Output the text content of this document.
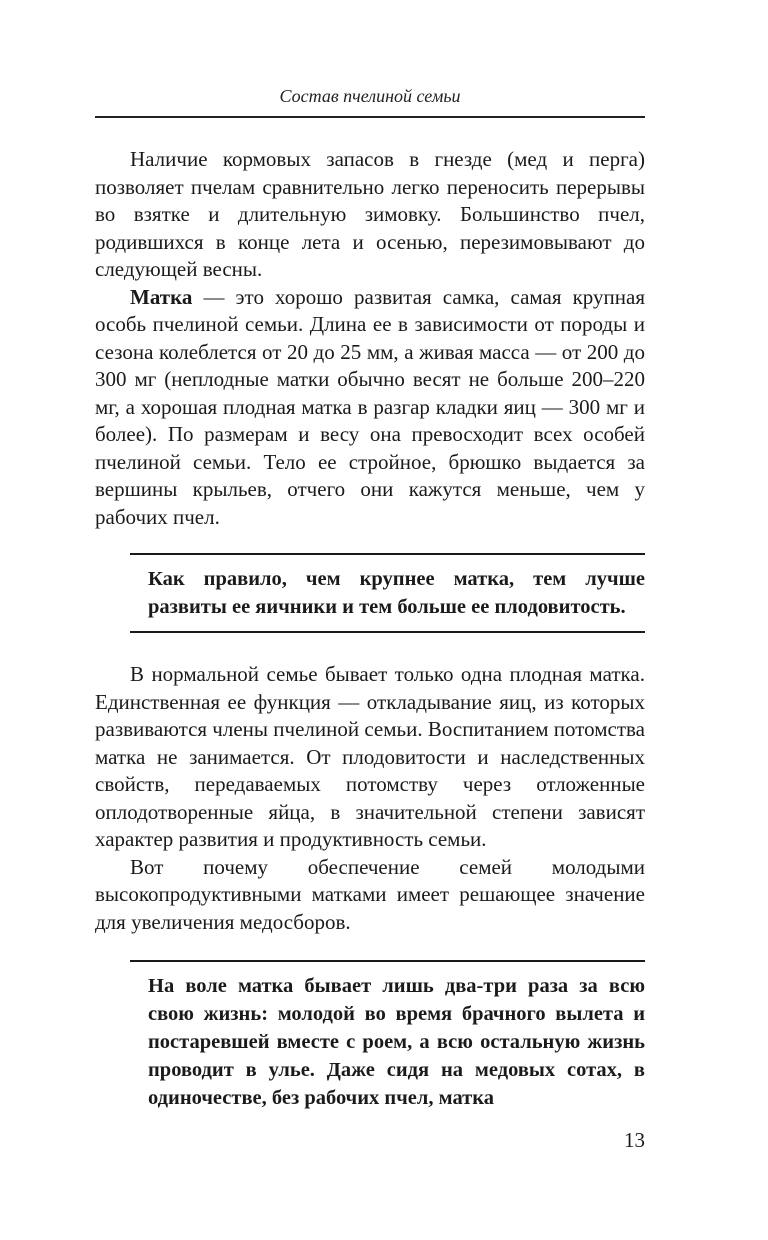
Состав пчелиной семьи

Наличие кормовых запасов в гнезде (мед и перга) позволяет пчелам сравнительно легко переносить перерывы во взятке и длительную зимовку. Большинство пчел, родившихся в конце лета и осенью, перезимовывают до следующей весны.

Матка — это хорошо развитая самка, самая крупная особь пчелиной семьи. Длина ее в зависимости от породы и сезона колеблется от 20 до 25 мм, а живая масса — от 200 до 300 мг (неплодные матки обычно весят не больше 200–220 мг, а хорошая плодная матка в разгар кладки яиц — 300 мг и более). По размерам и весу она превосходит всех особей пчелиной семьи. Тело ее стройное, брюшко выдается за вершины крыльев, отчего они кажутся меньше, чем у рабочих пчел.

Как правило, чем крупнее матка, тем лучше развиты ее яичники и тем больше ее плодовитость.

В нормальной семье бывает только одна плодная матка. Единственная ее функция — откладывание яиц, из которых развиваются члены пчелиной семьи. Воспитанием потомства матка не занимается. От плодовитости и наследственных свойств, передаваемых потомству через отложенные оплодотворенные яйца, в значительной степени зависят характер развития и продуктивность семьи.

Вот почему обеспечение семей молодыми высокопродуктивными матками имеет решающее значение для увеличения медосборов.

На воле матка бывает лишь два-три раза за всю свою жизнь: молодой во время брачного вылета и постаревшей вместе с роем, а всю остальную жизнь проводит в улье. Даже сидя на медовых сотах, в одиночестве, без рабочих пчел, матка

13
